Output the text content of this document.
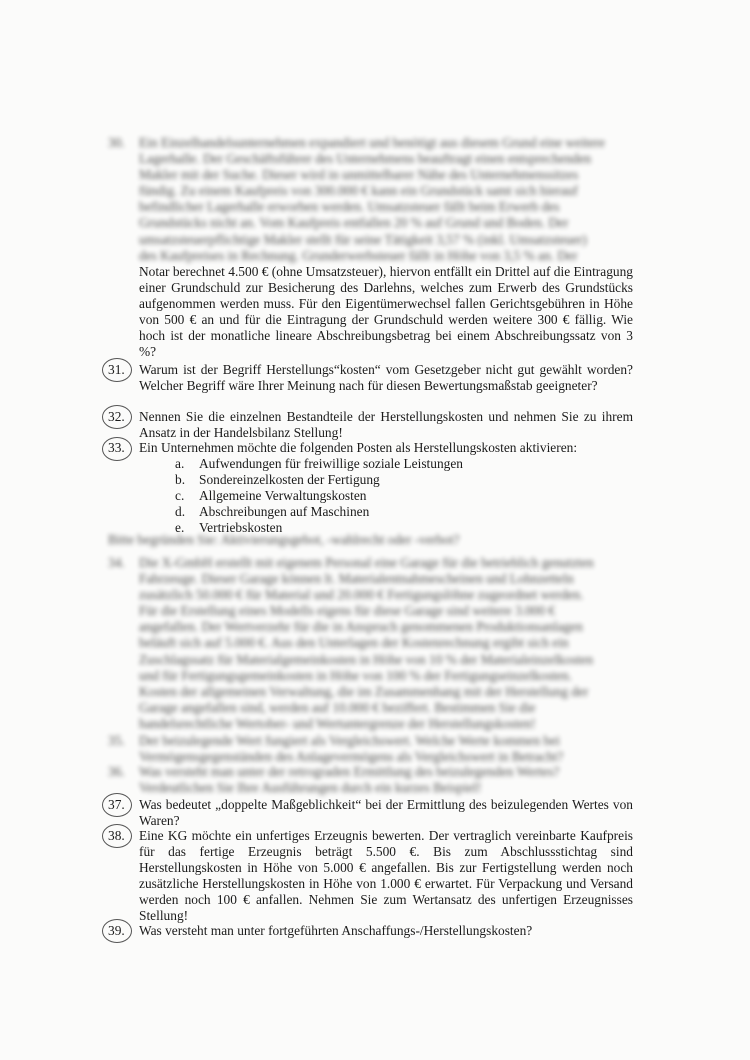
30.	Ein Einzelhandelsunternehmen expandiert und benötigt aus diesem Grund eine weitere
Lagerhalle. Der Geschäftsführer des Unternehmens beauftragt einen entsprechenden
Makler mit der Suche. Dieser wird in unmittelbarer Nähe des Unternehmenssitzes
fündig. Zu einem Kaufpreis von 300.000 € kann ein Grundstück samt sich hierauf
befindlicher Lagerhalle erworben werden. Umsatzsteuer fällt beim Erwerb des
Grundstücks nicht an. Vom Kaufpreis entfallen 20 % auf Grund und Boden. Der
umsatzsteuerpflichtige Makler stellt für seine Tätigkeit 3,57 % (inkl. Umsatzsteuer)
des Kaufpreises in Rechnung. Grunderwerbsteuer fällt in Höhe von 3,5 % an. Der

Notar berechnet 4.500 € (ohne Umsatzsteuer), hiervon entfällt ein Drittel auf die Eintragung einer Grundschuld zur Besicherung des Darlehns, welches zum Erwerb des Grundstücks aufgenommen werden muss. Für den Eigentümerwechsel fallen Gerichtsgebühren in Höhe von 500 € an und für die Eintragung der Grundschuld werden weitere 300 € fällig. Wie hoch ist der monatliche lineare Abschreibungsbetrag bei einem Abschreibungssatz von 3 %?

31.	Warum ist der Begriff Herstellungs“kosten“ vom Gesetzgeber nicht gut gewählt worden? Welcher Begriff wäre Ihrer Meinung nach für diesen Bewertungsmaßstab geeigneter?

32.	Nennen Sie die einzelnen Bestandteile der Herstellungskosten und nehmen Sie zu ihrem Ansatz in der Handelsbilanz Stellung!

33.	Ein Unternehmen möchte die folgenden Posten als Herstellungskosten aktivieren:

a. Aufwendungen für freiwillige soziale Leistungen
b. Sondereinzelkosten der Fertigung
c. Allgemeine Verwaltungskosten
d. Abschreibungen auf Maschinen
e. Vertriebskosten
Bitte begründen Sie: Aktivierungsgebot, -wahlrecht oder -verbot?
34.	Die X-GmbH erstellt mit eigenem Personal eine Garage für die betrieblich genutzten
Fahrzeuge. Dieser Garage können lt. Materialentnahmescheinen und Lohnzetteln
zusätzlich 50.000 € für Material und 20.000 € Fertigungslöhne zugeordnet werden.
Für die Erstellung eines Modells eigens für diese Garage sind weitere 3.000 €
angefallen. Der Wertverzehr für die in Anspruch genommenen Produktionsanlagen
beläuft sich auf 5.000 €. Aus den Unterlagen der Kostenrechnung ergibt sich ein
Zuschlagssatz für Materialgemeinkosten in Höhe von 10 % der Materialeinzelkosten
und für Fertigungsgemeinkosten in Höhe von 100 % der Fertigungseinzelkosten.
Kosten der allgemeinen Verwaltung, die im Zusammenhang mit der Herstellung der
Garage angefallen sind, werden auf 10.000 € beziffert. Bestimmen Sie die
handelsrechtliche Wertober- und Wertuntergrenze der Herstellungskosten!
35.	Der beizulegende Wert fungiert als Vergleichswert. Welche Werte kommen bei
Vermögensgegenständen des Anlagevermögens als Vergleichswert in Betracht?
36.	Was versteht man unter der retrograden Ermittlung des beizulegenden Wertes?
Verdeutlichen Sie Ihre Ausführungen durch ein kurzes Beispiel!
37.	Was bedeutet „doppelte Maßgeblichkeit“ bei der Ermittlung des beizulegenden Wertes von Waren?

38.	Eine KG möchte ein unfertiges Erzeugnis bewerten. Der vertraglich vereinbarte Kaufpreis für das fertige Erzeugnis beträgt 5.500 €. Bis zum Abschlussstichtag sind Herstellungskosten in Höhe von 5.000 € angefallen. Bis zur Fertigstellung werden noch zusätzliche Herstellungskosten in Höhe von 1.000 € erwartet. Für Verpackung und Versand werden noch 100 € anfallen. Nehmen Sie zum Wertansatz des unfertigen Erzeugnisses Stellung!

39.	Was versteht man unter fortgeführten Anschaffungs-/Herstellungskosten?
